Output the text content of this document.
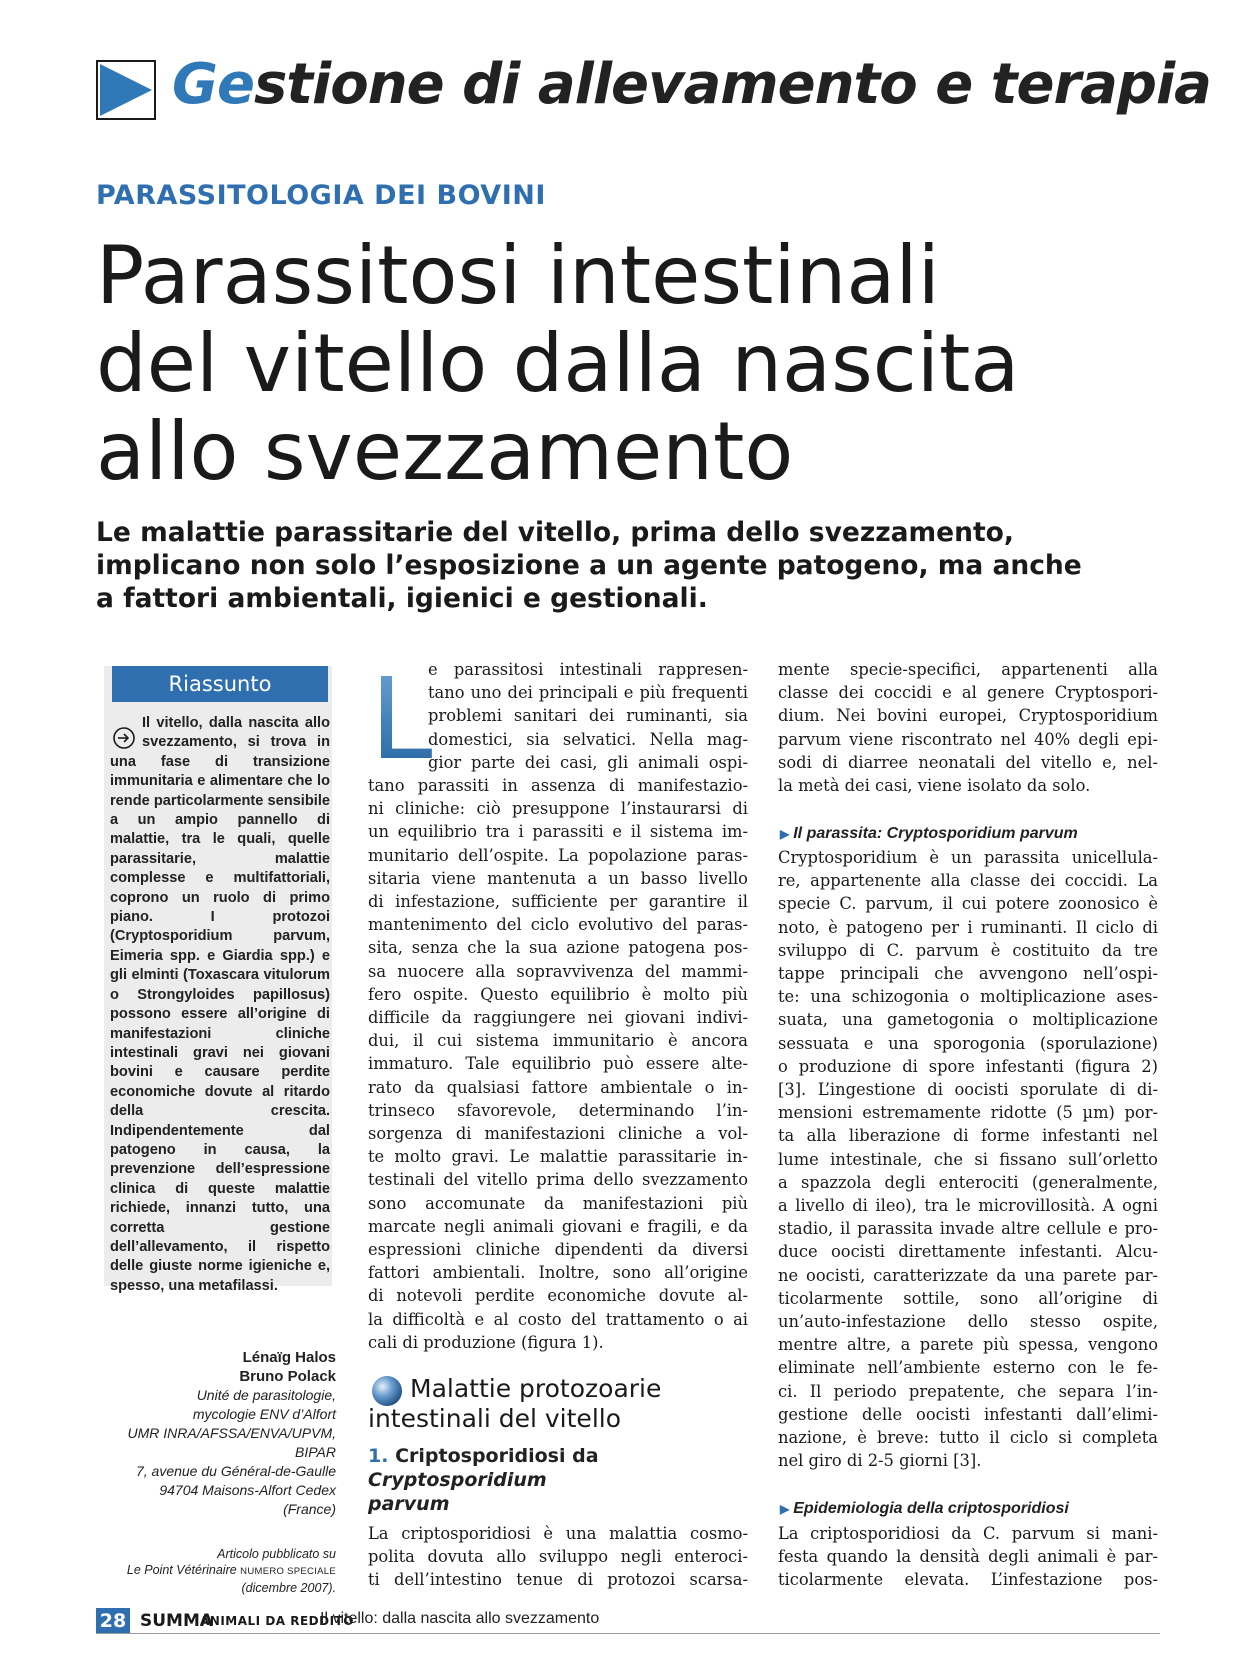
Gestione di allevamento e terapia
PARASSITOLOGIA DEI BOVINI
Parassitosi intestinali
del vitello dalla nascita
allo svezzamento

Le malattie parassitarie del vitello, prima dello svezzamento,
implicano non solo l’esposizione a un agente patogeno, ma anche
a fattori ambientali, igienici e gestionali.

Riassunto
Il vitello, dalla nascita allo svezzamento, si trova in una fase di transizione immunitaria e alimentare che lo rende particolarmente sensibile a un ampio pannello di malattie, tra le quali, quelle parassitarie, malattie complesse e multifattoriali, coprono un ruolo di primo piano. I protozoi (Cryptosporidium parvum, Eimeria spp. e Giardia spp.) e gli elminti (Toxascara vitulorum o Strongyloides papillosus) possono essere all’origine di manifestazioni cliniche intestinali gravi nei giovani bovini e causare perdite economiche dovute al ritardo della crescita. Indipendentemente dal patogeno in causa, la prevenzione dell’espressione clinica di queste malattie richiede, innanzi tutto, una corretta gestione dell’allevamento, il rispetto delle giuste norme igieniche e, spesso, una metafilassi.
Lénaïg Halos
Bruno Polack
Unité de parasitologie,
mycologie ENV d’Alfort
UMR INRA/AFSSA/ENVA/UPVM,
BIPAR
7, avenue du Général-de-Gaulle
94704 Maisons-Alfort Cedex
(France)
Articolo pubblicato su
Le Point Vétérinaire NUMERO SPECIALE
(dicembre 2007).
L
e parassitosi intestinali rappresen-
tano uno dei principali e più frequenti
problemi sanitari dei ruminanti, sia
domestici, sia selvatici. Nella mag-
gior parte dei casi, gli animali ospi-
tano parassiti in assenza di manifestazio-
ni cliniche: ciò presuppone l’instaurarsi di
un equilibrio tra i parassiti e il sistema im-
munitario dell’ospite. La popolazione paras-
sitaria viene mantenuta a un basso livello
di infestazione, sufficiente per garantire il
mantenimento del ciclo evolutivo del paras-
sita, senza che la sua azione patogena pos-
sa nuocere alla sopravvivenza del mammi-
fero ospite. Questo equilibrio è molto più
difficile da raggiungere nei giovani indivi-
dui, il cui sistema immunitario è ancora
immaturo. Tale equilibrio può essere alte-
rato da qualsiasi fattore ambientale o in-
trinseco sfavorevole, determinando l’in-
sorgenza di manifestazioni cliniche a vol-
te molto gravi. Le malattie parassitarie in-
testinali del vitello prima dello svezzamento
sono accomunate da manifestazioni più
marcate negli animali giovani e fragili, e da
espressioni cliniche dipendenti da diversi
fattori ambientali. Inoltre, sono all’origine
di notevoli perdite economiche dovute al-
la difficoltà e al costo del trattamento o ai
cali di produzione (figura 1).
Malattie protozoarie
intestinali del vitello
1. Criptosporidiosi da Cryptosporidium
parvum
La criptosporidiosi è una malattia cosmo-
polita dovuta allo sviluppo negli enteroci-
ti dell’intestino tenue di protozoi scarsa-
mente specie-specifici, appartenenti alla
classe dei coccidi e al genere Cryptospori-
dium. Nei bovini europei, Cryptosporidium
parvum viene riscontrato nel 40% degli epi-
sodi di diarree neonatali del vitello e, nel-
la metà dei casi, viene isolato da solo.
▶ Il parassita: Cryptosporidium parvum
Cryptosporidium è un parassita unicellula-
re, appartenente alla classe dei coccidi. La
specie C. parvum, il cui potere zoonosico è
noto, è patogeno per i ruminanti. Il ciclo di
sviluppo di C. parvum è costituito da tre
tappe principali che avvengono nell’ospi-
te: una schizogonia o moltiplicazione ases-
suata, una gametogonia o moltiplicazione
sessuata e una sporogonia (sporulazione)
o produzione di spore infestanti (figura 2)
[3]. L’ingestione di oocisti sporulate di di-
mensioni estremamente ridotte (5 µm) por-
ta alla liberazione di forme infestanti nel
lume intestinale, che si fissano sull’orletto
a spazzola degli enterociti (generalmente,
a livello di ileo), tra le microvillosità. A ogni
stadio, il parassita invade altre cellule e pro-
duce oocisti direttamente infestanti. Alcu-
ne oocisti, caratterizzate da una parete par-
ticolarmente sottile, sono all’origine di
un’auto-infestazione dello stesso ospite,
mentre altre, a parete più spessa, vengono
eliminate nell’ambiente esterno con le fe-
ci. Il periodo prepatente, che separa l’in-
gestione delle oocisti infestanti dall’elimi-
nazione, è breve: tutto il ciclo si completa
nel giro di 2-5 giorni [3].
▶ Epidemiologia della criptosporidiosi
La criptosporidiosi da C. parvum si mani-
festa quando la densità degli animali è par-
ticolarmente elevata. L’infestazione pos-
28 SUMMA
ANIMALI DA REDDITO
Il vitello: dalla nascita allo svezzamento
